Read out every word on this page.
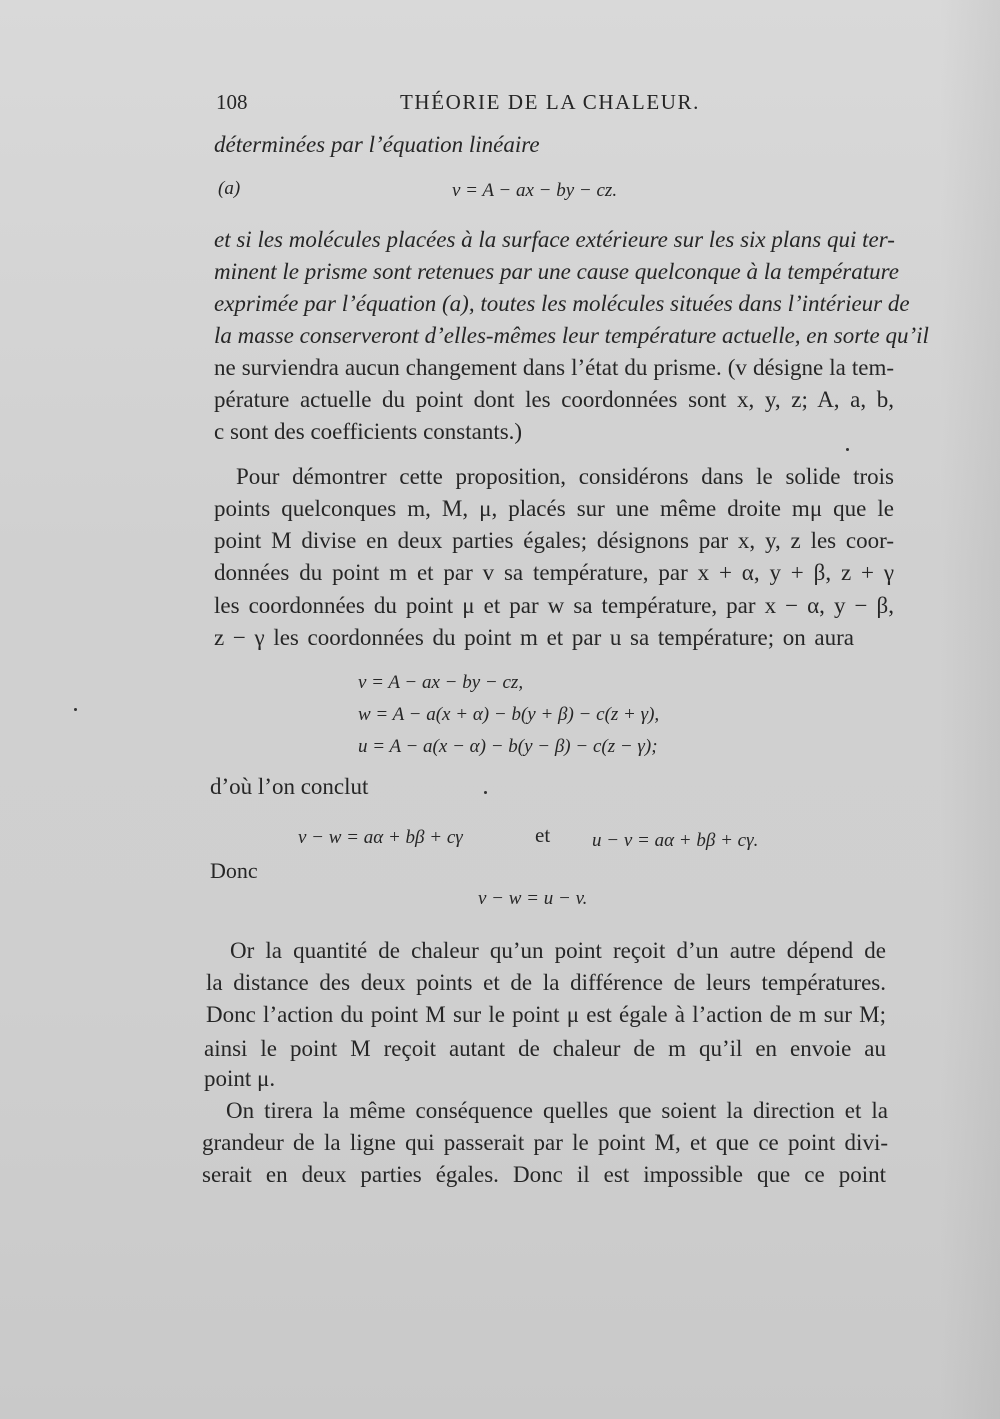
108	THÉORIE DE LA CHALEUR.
déterminées par l’équation linéaire
(a)	v = A − ax − by − cz.
et si les molécules placées à la surface extérieure sur les six plans qui ter-
minent le prisme sont retenues par une cause quelconque à la température
exprimée par l’équation (a), toutes les molécules situées dans l’intérieur de
la masse conserveront d’elles-mêmes leur température actuelle, en sorte qu’il
ne surviendra aucun changement dans l’état du prisme. (v désigne la tem-
pérature actuelle du point dont les coordonnées sont x, y, z; A, a, b,
c sont des coefficients constants.)
Pour démontrer cette proposition, considérons dans le solide trois
points quelconques m, M, μ, placés sur une même droite mμ que le
point M divise en deux parties égales; désignons par x, y, z les coor-
données du point m et par v sa température, par x + α, y + β, z + γ
les coordonnées du point μ et par w sa température, par x − α, y − β,
z − γ les coordonnées du point m et par u sa température; on aura
v = A − ax − by − cz,
w = A − a(x + α) − b(y + β) − c(z + γ),
u = A − a(x − α) − b(y − β) − c(z − γ);
d’où l’on conclut
v − w = aα + bβ + cγ	et u − v = aα + bβ + cγ.
Donc
v − w = u − v.
Or la quantité de chaleur qu’un point reçoit d’un autre dépend de
la distance des deux points et de la différence de leurs températures.
Donc l’action du point M sur le point μ est égale à l’action de m sur M;
ainsi le point M reçoit autant de chaleur de m qu’il en envoie au
point μ.
On tirera la même conséquence quelles que soient la direction et la
grandeur de la ligne qui passerait par le point M, et que ce point divi-
serait en deux parties égales. Donc il est impossible que ce point
